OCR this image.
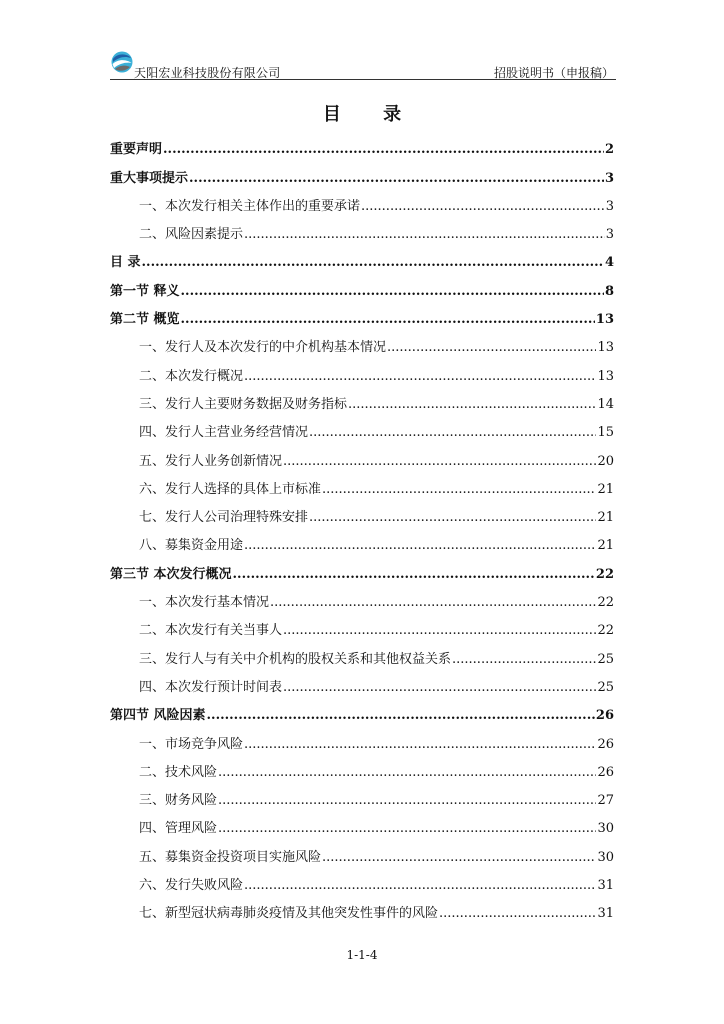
天阳宏业科技股份有限公司	招股说明书（申报稿）
目 录
重要声明 .....	2
重大事项提示 .....	3
一、本次发行相关主体作出的重要承诺 .....	3
二、风险因素提示 .....	3
目 录 .....	4
第一节 释义 .....	8
第二节 概览 .....	13
一、发行人及本次发行的中介机构基本情况 .....	13
二、本次发行概况 .....	13
三、发行人主要财务数据及财务指标 .....	14
四、发行人主营业务经营情况 .....	15
五、发行人业务创新情况 .....	20
六、发行人选择的具体上市标准 .....	21
七、发行人公司治理特殊安排 .....	21
八、募集资金用途 .....	21
第三节 本次发行概况 .....	22
一、本次发行基本情况 .....	22
二、本次发行有关当事人 .....	22
三、发行人与有关中介机构的股权关系和其他权益关系 .....	25
四、本次发行预计时间表 .....	25
第四节 风险因素 .....	26
一、市场竞争风险 .....	26
二、技术风险 .....	26
三、财务风险 .....	27
四、管理风险 .....	30
五、募集资金投资项目实施风险 .....	30
六、发行失败风险 .....	31
七、新型冠状病毒肺炎疫情及其他突发性事件的风险 .....	31
1-1-4
